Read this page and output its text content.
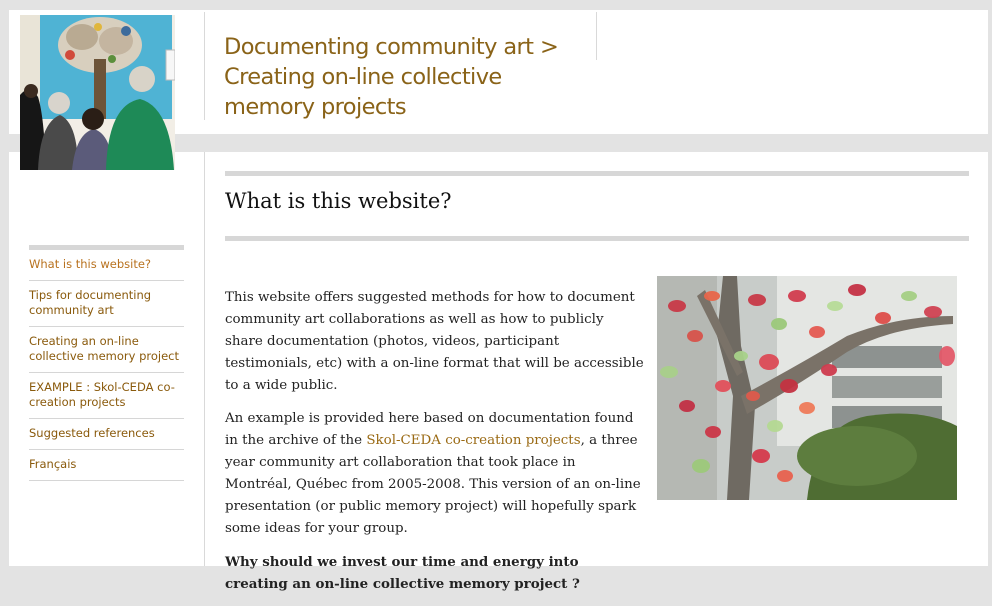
Documenting community art > Creating on-line collective memory projects
What is this website?
Tips for documenting community art
Creating an on-line collective memory project
EXAMPLE : Skol-CEDA co-creation projects
Suggested references
Français
What is this website?

This website offers suggested methods for how to document community art collaborations as well as how to publicly share documentation (photos, videos, participant testimonials, etc) with a on-line format that will be accessible to a wide public.

An example is provided here based on documentation found in the archive of the Skol-CEDA co-creation projects, a three year community art collaboration that took place in Montréal, Québec from 2005-2008. This version of an on-line presentation (or public memory project) will hopefully spark some ideas for your group.

Why should we invest our time and energy into creating an on-line collective memory project ?
